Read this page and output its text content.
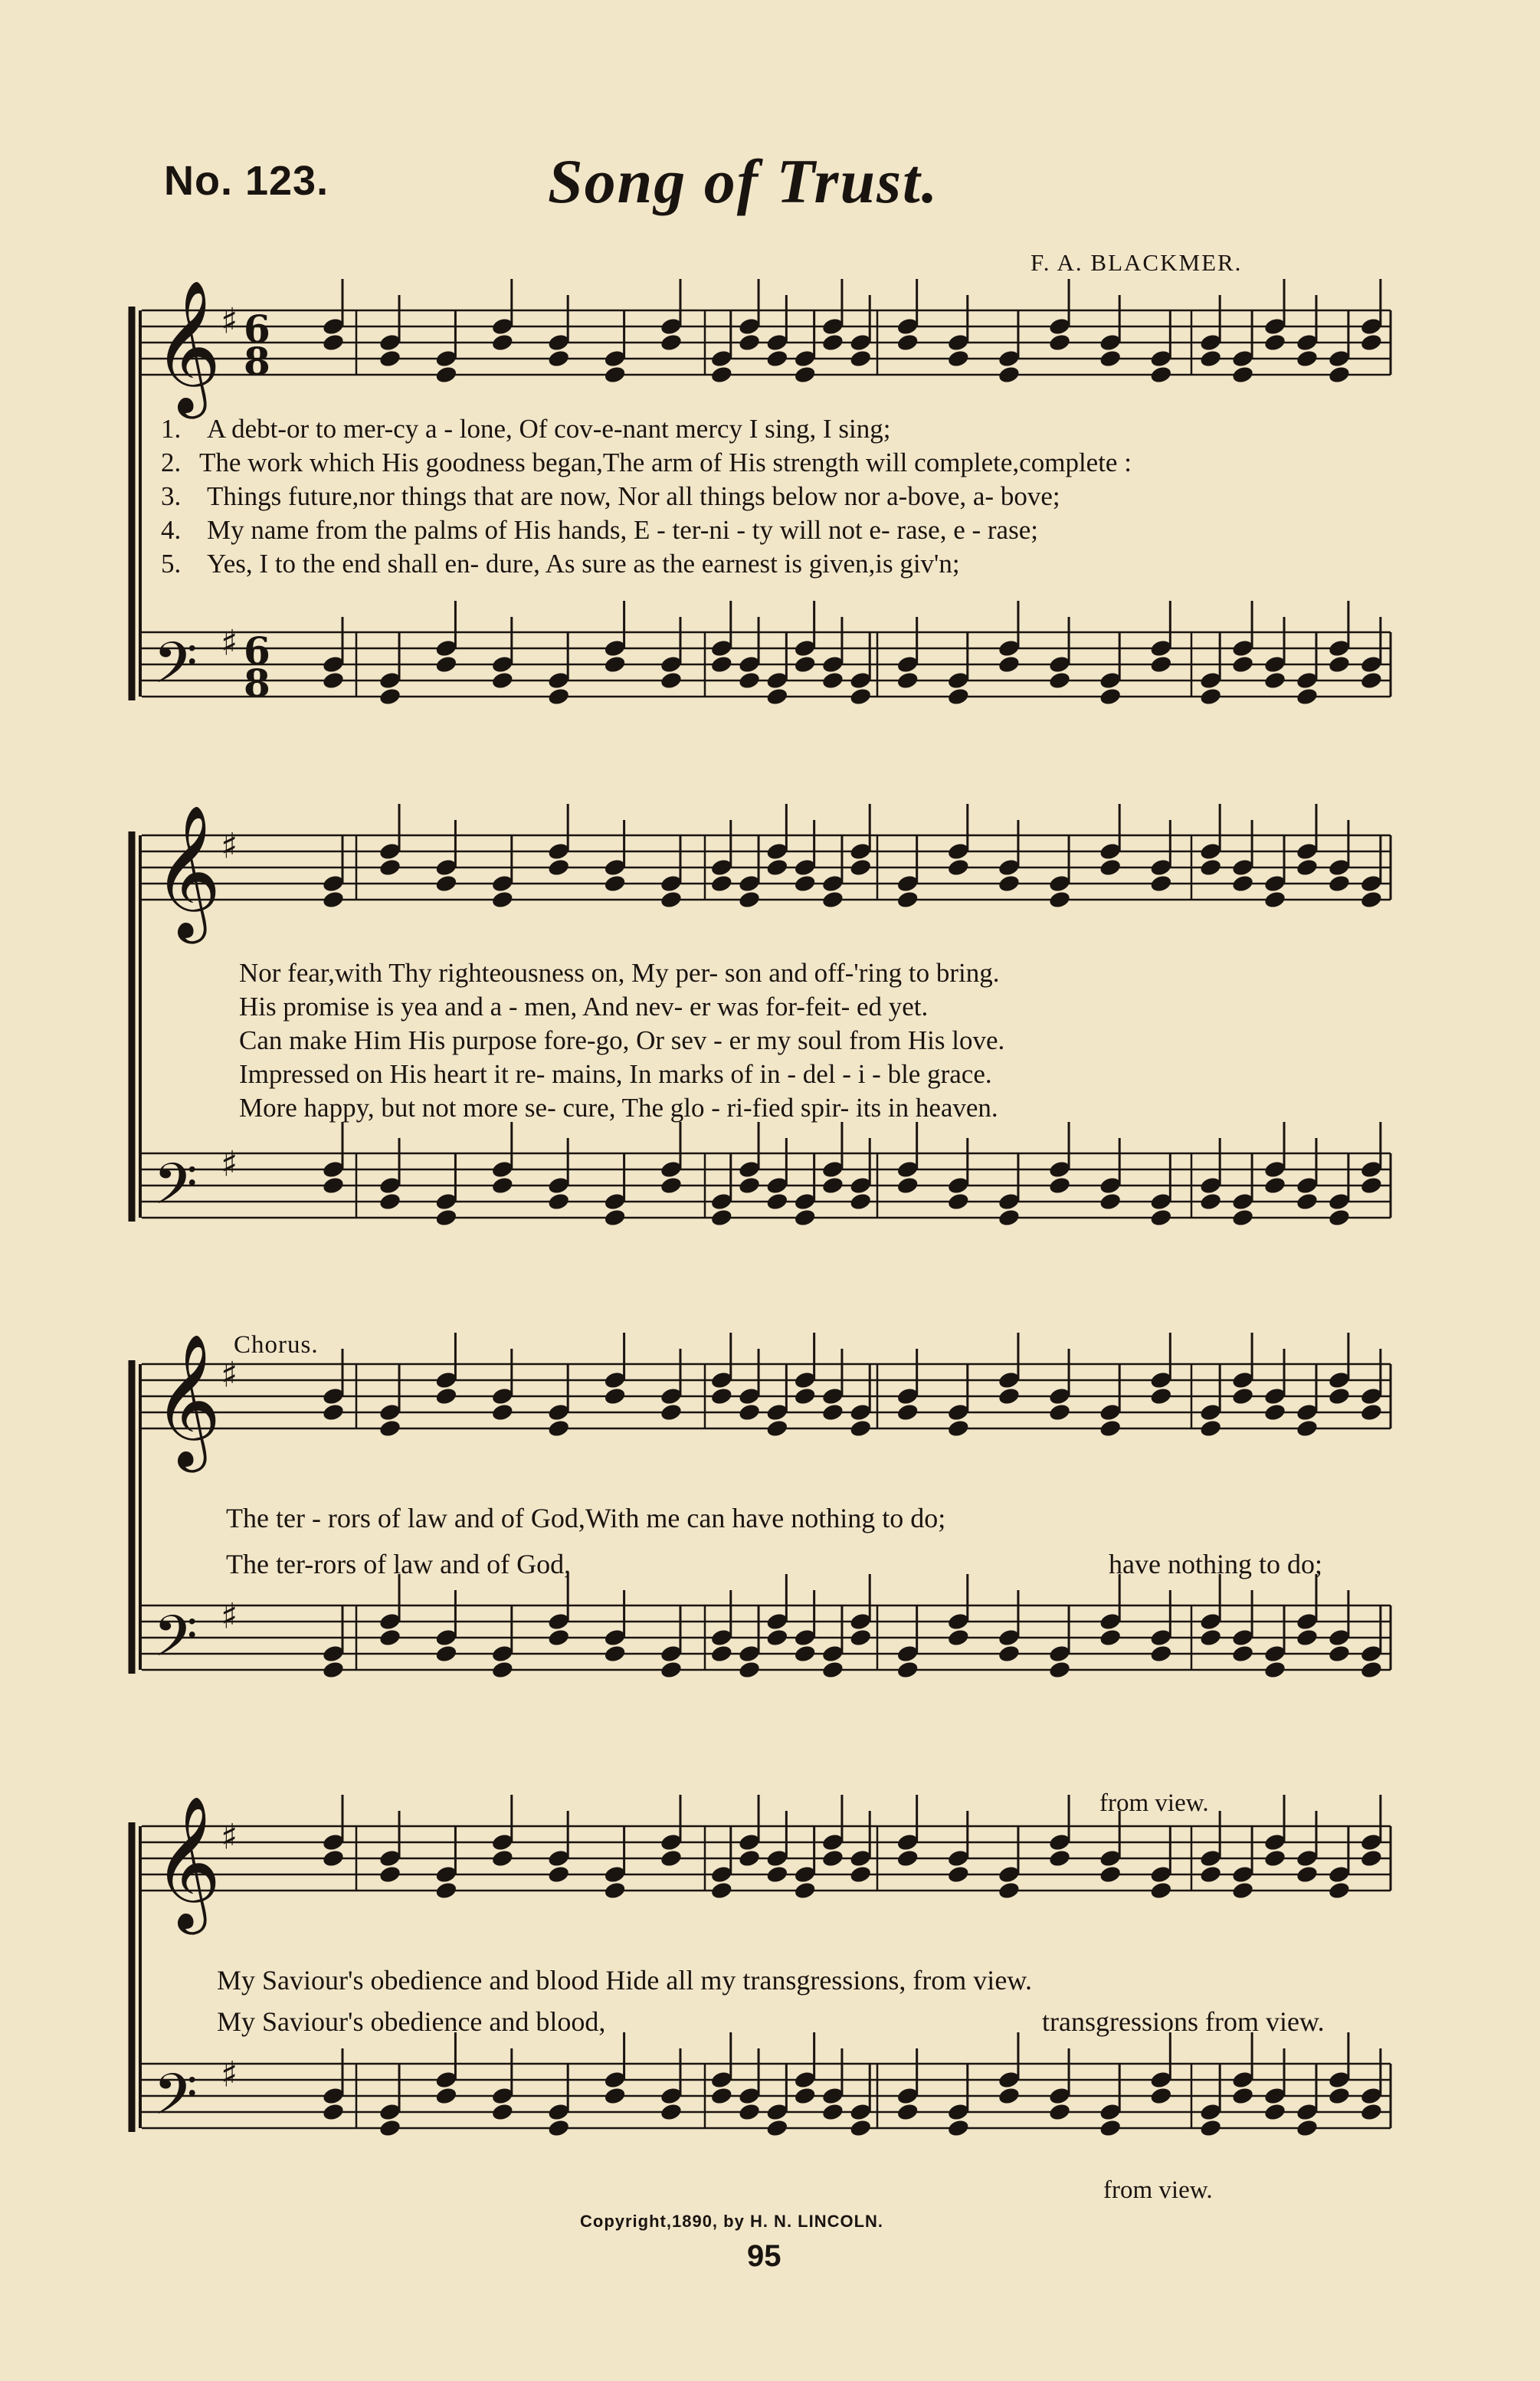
No. 123.	Song of Trust.
F. A. BLACKMER.
𝄞 ♯ 6
8
𝄢 ♯ 6
8
𝄞 ♯
𝄢 ♯
𝄞 ♯
𝄢 ♯
𝄞 ♯
𝄢 ♯
1. A debt-or to mer-cy a - lone, Of cov-e-nant mercy I sing, I sing;
2. The work which His goodness began,The arm of His strength will complete,complete :
3. Things future,nor things that are now, Nor all things below nor a-bove, a- bove;
4. My name from the palms of His hands, E - ter-ni - ty will not e- rase, e - rase;
5. Yes, I to the end shall en- dure, As sure as the earnest is given,is giv'n;
Nor fear,with Thy righteousness on, My per- son and off-'ring to bring.
His promise is yea and a - men, And nev- er was for-feit- ed yet.
Can make Him His purpose fore-go, Or sev - er my soul from His love.
Impressed on His heart it re- mains, In marks of in - del - i - ble grace.
More happy, but not more se- cure, The glo - ri-fied spir- its in heaven.
Chorus.
The ter - rors of law and of God,With me can have nothing to do;
The ter-rors of law and of God,	have nothing to do;
from view.
My Saviour's obedience and blood Hide all my transgressions, from view.
My Saviour's obedience and blood,	transgressions from view.
from view.
Copyright,1890, by H. N. LINCOLN.
95
